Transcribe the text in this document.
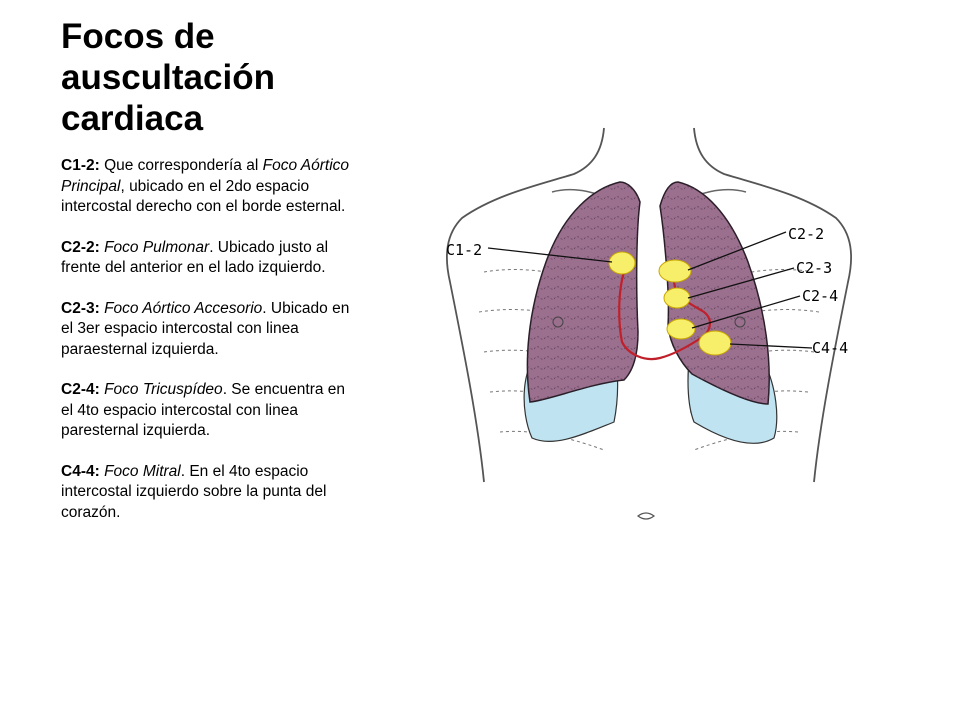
Focos de auscultación cardiaca

C1-2: Que correspondería al Foco Aórtico Principal, ubicado en el 2do espacio intercostal derecho con el borde esternal.

C2-2: Foco Pulmonar. Ubicado justo al frente del anterior en el lado izquierdo.

C2-3: Foco Aórtico Accesorio. Ubicado en el 3er espacio intercostal con linea paraesternal izquierda.

C2-4: Foco Tricuspídeo. Se encuentra en el 4to espacio intercostal con linea paresternal izquierda.

C4-4: Foco Mitral. En el 4to espacio intercostal izquierdo sobre la punta del corazón.

C1-2
C2-2
C2-3
C2-4
C4-4
